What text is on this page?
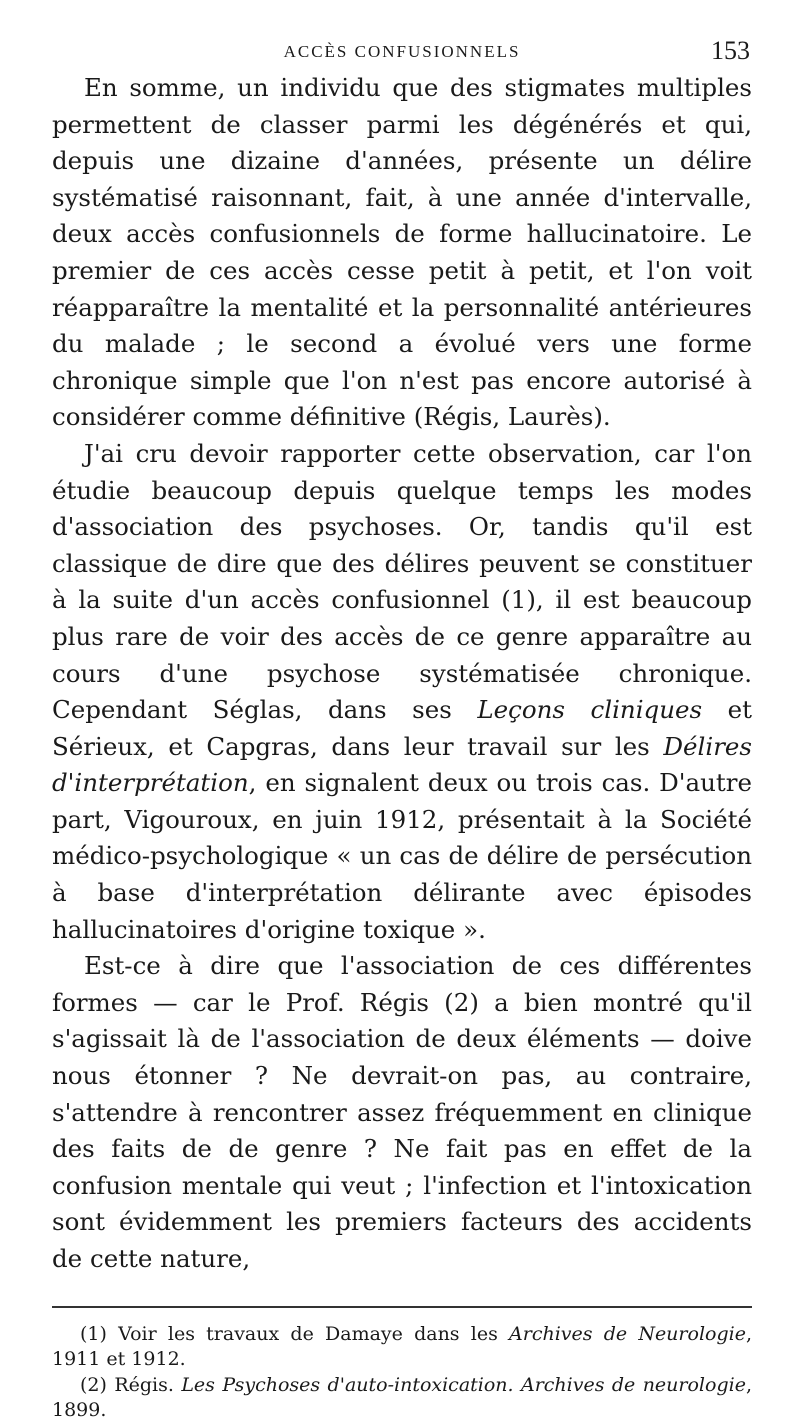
ACCÈS CONFUSIONNELS	153

En somme, un individu que des stigmates multiples permettent de classer parmi les dégénérés et qui, depuis une dizaine d'années, présente un délire systématisé raisonnant, fait, à une année d'intervalle, deux accès confusionnels de forme hallucinatoire. Le premier de ces accès cesse petit à petit, et l'on voit réapparaître la mentalité et la personnalité antérieures du malade ; le second a évolué vers une forme chronique simple que l'on n'est pas encore autorisé à considérer comme définitive (Régis, Laurès).

J'ai cru devoir rapporter cette observation, car l'on étudie beaucoup depuis quelque temps les modes d'association des psychoses. Or, tandis qu'il est classique de dire que des délires peuvent se constituer à la suite d'un accès confusionnel (1), il est beaucoup plus rare de voir des accès de ce genre apparaître au cours d'une psychose systématisée chronique. Cependant Séglas, dans ses Leçons cliniques et Sérieux, et Capgras, dans leur travail sur les Délires d'interprétation, en signalent deux ou trois cas. D'autre part, Vigouroux, en juin 1912, présentait à la Société médico-psychologique « un cas de délire de persécution à base d'interprétation délirante avec épisodes hallucinatoires d'origine toxique ».

Est-ce à dire que l'association de ces différentes formes — car le Prof. Régis (2) a bien montré qu'il s'agissait là de l'association de deux éléments — doive nous étonner ? Ne devrait-on pas, au contraire, s'attendre à rencontrer assez fréquemment en clinique des faits de de genre ? Ne fait pas en effet de la confusion mentale qui veut ; l'infection et l'intoxication sont évidemment les premiers facteurs des accidents de cette nature,

(1) Voir les travaux de Damaye dans les Archives de Neurologie, 1911 et 1912.

(2) Régis. Les Psychoses d'auto-intoxication. Archives de neurologie, 1899.
